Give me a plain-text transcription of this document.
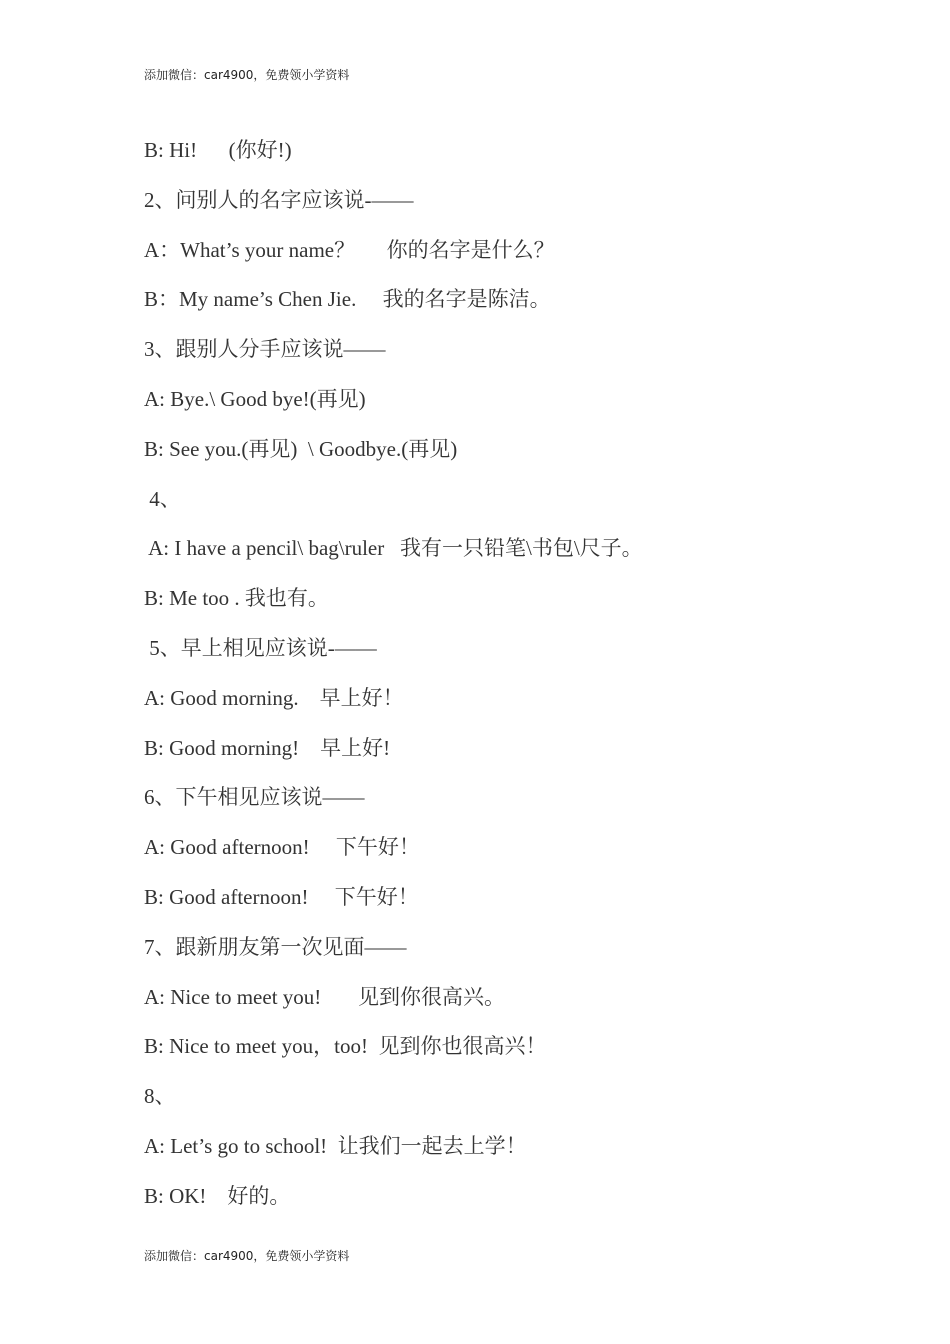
添加微信：car4900，免费领小学资料
B: Hi!      (你好!)
2、问别人的名字应该说-——
A：What’s your name？      你的名字是什么？
B：My name’s Chen Jie.     我的名字是陈洁。
3、跟别人分手应该说——
A: Bye.\ Good bye!(再见)
B: See you.(再见)  \ Goodbye.(再见)
4、
A: I have a pencil\ bag\ruler   我有一只铅笔\书包\尺子。
B: Me too . 我也有。
5、早上相见应该说-——
A: Good morning.    早上好！
B: Good morning!    早上好!
6、下午相见应该说——
A: Good afternoon!     下午好！
B: Good afternoon!     下午好！
7、跟新朋友第一次见面——
A: Nice to meet you!       见到你很高兴。
B: Nice to meet you，too!  见到你也很高兴！
8、
A: Let’s go to school!  让我们一起去上学！
B: OK!    好的。
添加微信：car4900，免费领小学资料
